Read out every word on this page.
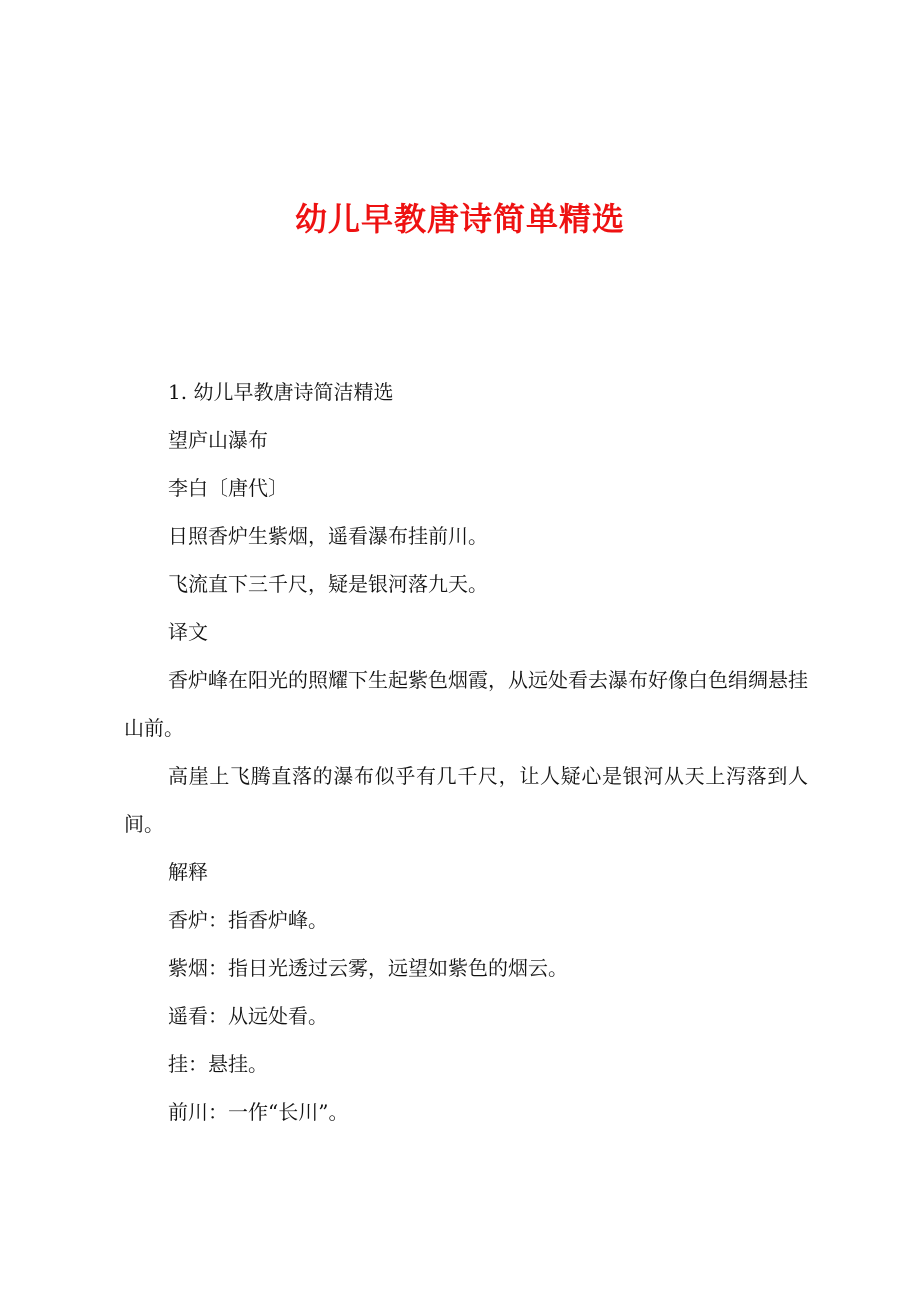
幼儿早教唐诗简单精选

1. 幼儿早教唐诗简洁精选

望庐山瀑布

李白〔唐代〕

日照香炉生紫烟，遥看瀑布挂前川。

飞流直下三千尺，疑是银河落九天。

译文

香炉峰在阳光的照耀下生起紫色烟霞，从远处看去瀑布好像白色绢绸悬挂山前。

高崖上飞腾直落的瀑布似乎有几千尺，让人疑心是银河从天上泻落到人间。

解释

香炉：指香炉峰。

紫烟：指日光透过云雾，远望如紫色的烟云。

遥看：从远处看。

挂：悬挂。

前川：一作“长川”。
